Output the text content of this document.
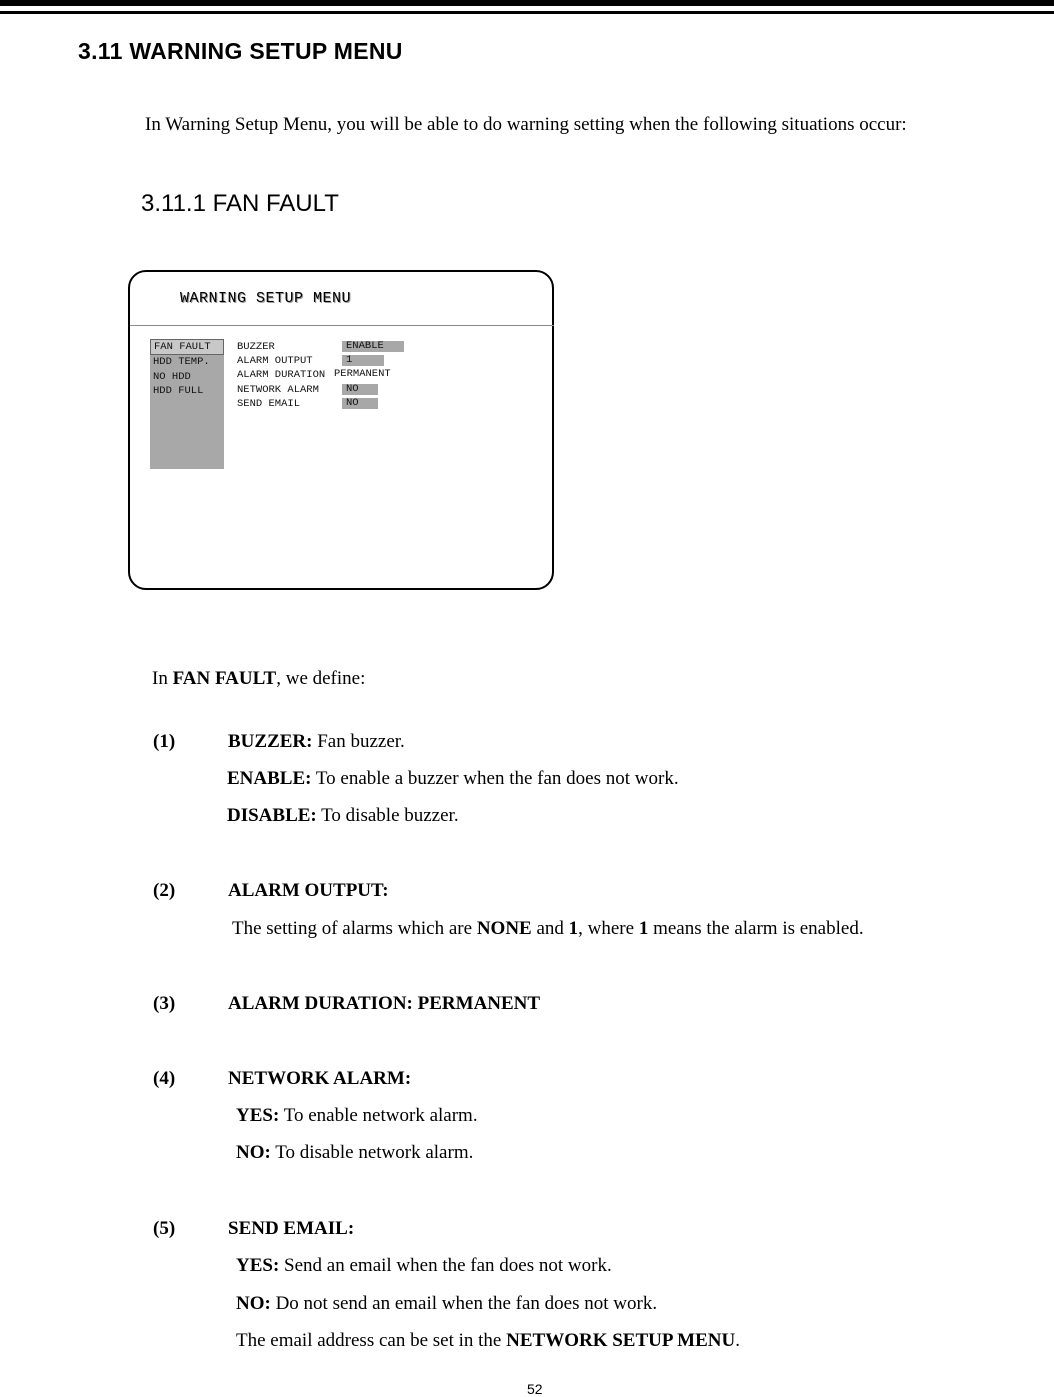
3.11 WARNING SETUP MENU
In Warning Setup Menu, you will be able to do warning setting when the following situations occur:
3.11.1 FAN FAULT
WARNING SETUP MENU
FAN FAULT
HDD TEMP.
NO HDD
HDD FULL
BUZZER	ENABLE
ALARM OUTPUT	1
ALARM DURATION PERMANENT
NETWORK ALARM	NO
SEND EMAIL	NO
In FAN FAULT, we define:
(1)	BUZZER: Fan buzzer.
ENABLE: To enable a buzzer when the fan does not work.
DISABLE: To disable buzzer.
(2)	ALARM OUTPUT:
The setting of alarms which are NONE and 1, where 1 means the alarm is enabled.
(3)	ALARM DURATION: PERMANENT
(4)	NETWORK ALARM:
YES: To enable network alarm.
NO: To disable network alarm.
(5)	SEND EMAIL:
YES: Send an email when the fan does not work.
NO: Do not send an email when the fan does not work.
The email address can be set in the NETWORK SETUP MENU.
52
